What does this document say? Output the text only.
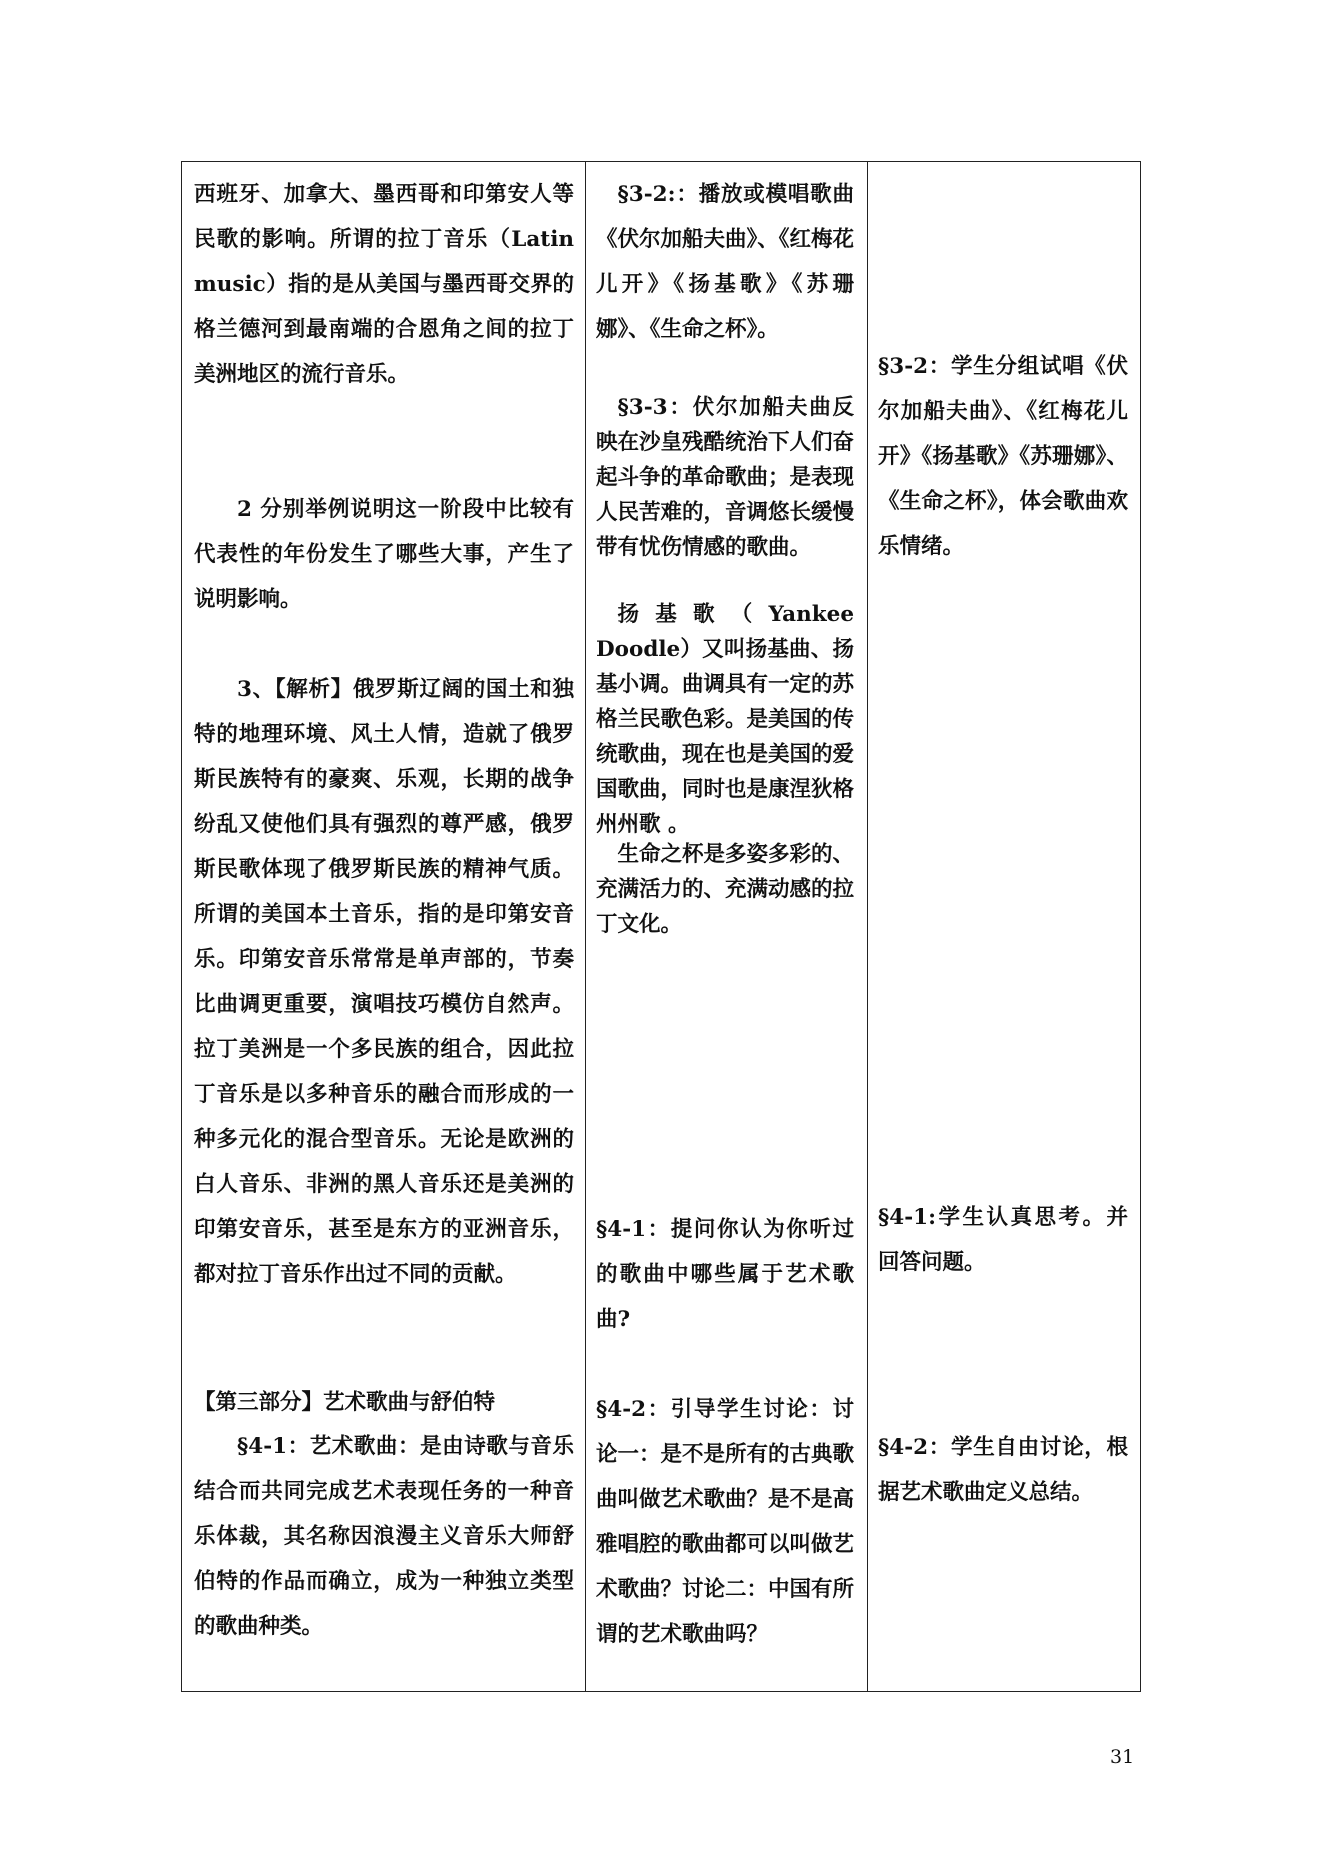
西班牙、加拿大、墨西哥和印第安人等民歌的影响。所谓的拉丁音乐（Latin music）指的是从美国与墨西哥交界的格兰德河到最南端的合恩角之间的拉丁美洲地区的流行音乐。
2 分别举例说明这一阶段中比较有代表性的年份发生了哪些大事，产生了说明影响。
3、【解析】俄罗斯辽阔的国土和独特的地理环境、风土人情，造就了俄罗斯民族特有的豪爽、乐观，长期的战争纷乱又使他们具有强烈的尊严感，俄罗斯民歌体现了俄罗斯民族的精神气质。所谓的美国本土音乐，指的是印第安音乐。印第安音乐常常是单声部的，节奏比曲调更重要，演唱技巧模仿自然声。拉丁美洲是一个多民族的组合，因此拉丁音乐是以多种音乐的融合而形成的一种多元化的混合型音乐。无论是欧洲的白人音乐、非洲的黑人音乐还是美洲的印第安音乐，甚至是东方的亚洲音乐，都对拉丁音乐作出过不同的贡献。
【第三部分】艺术歌曲与舒伯特
§4-1：艺术歌曲：是由诗歌与音乐结合而共同完成艺术表现任务的一种音乐体裁，其名称因浪漫主义音乐大师舒伯特的作品而确立，成为一种独立类型的歌曲种类。
§3-2:：播放或模唱歌曲《伏尔加船夫曲》、《红梅花儿开》《扬基歌》《苏珊娜》、《生命之杯》。
§3-3：伏尔加船夫曲反映在沙皇残酷统治下人们奋起斗争的革命歌曲；是表现人民苦难的，音调悠长缓慢带有忧伤情感的歌曲。
扬基歌（Yankee Doodle）又叫扬基曲、扬基小调。曲调具有一定的苏格兰民歌色彩。是美国的传统歌曲，现在也是美国的爱国歌曲，同时也是康涅狄格州州歌 。
生命之杯是多姿多彩的、充满活力的、充满动感的拉丁文化。
§4-1：提问你认为你听过的歌曲中哪些属于艺术歌曲?
§4-2：引导学生讨论：讨论一：是不是所有的古典歌曲叫做艺术歌曲？是不是高雅唱腔的歌曲都可以叫做艺术歌曲？讨论二：中国有所谓的艺术歌曲吗？
§3-2：学生分组试唱《伏尔加船夫曲》、《红梅花儿开》《扬基歌》《苏珊娜》、《生命之杯》，体会歌曲欢乐情绪。
§4-1:学生认真思考。并回答问题。
§4-2：学生自由讨论，根据艺术歌曲定义总结。
31
